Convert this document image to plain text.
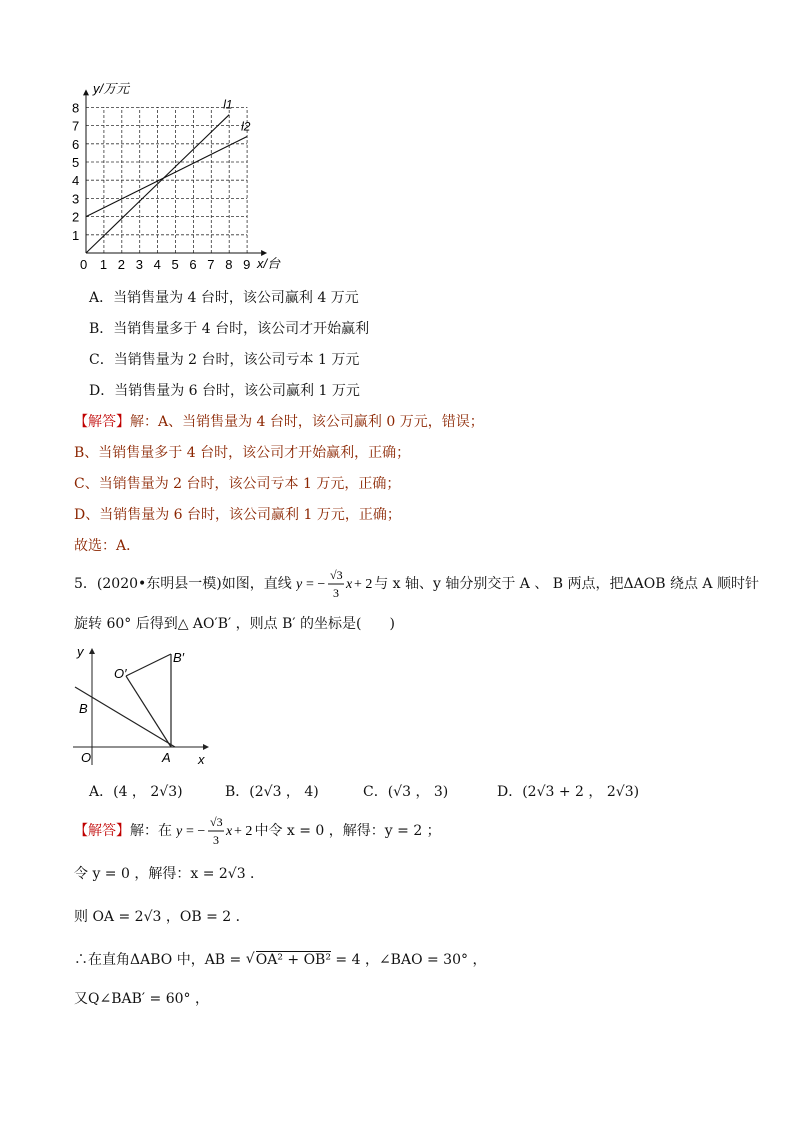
0 1 2 3 4 5 6 7 8 9
1
2
3
4
5
6
7
8	l1
l2
y/万元
x/台
A．当销售量为 4 台时，该公司赢利 4 万元
B．当销售量多于 4 台时，该公司才开始赢利
C．当销售量为 2 台时，该公司亏本 1 万元
D．当销售量为 6 台时，该公司赢利 1 万元
【解答】解：A、当销售量为 4 台时，该公司赢利 0 万元，错误；
B、当销售量多于 4 台时，该公司才开始赢利，正确；
C、当销售量为 2 台时，该公司亏本 1 万元，正确；
D、当销售量为 6 台时，该公司赢利 1 万元，正确；
故选：A．
5．(2020•东明县一模)如图，直线 y = −
√3
3
x + 2 与 x 轴、y 轴分别交于 A 、 B 两点，把ΔAOB 绕点 A 顺时针
旋转 60° 后得到△ AO′B′ ，则点 B′ 的坐标是(　　)
y
x
O	A
B
O′
B′
A．(4 ， 2√3)	B．(2√3 ， 4)	C．(√3 ， 3)	D．(2√3 + 2 ， 2√3)
【解答】解：在 y = −
√3
3
x + 2 中令 x = 0 ，解得：y = 2 ；
令 y = 0 ，解得：x = 2√3 ．
则 OA = 2√3 ，OB = 2 ．
∴在直角ΔABO 中，AB = √ OA² + OB² = 4 ，∠BAO = 30° ，
又Q∠BAB′ = 60° ，
